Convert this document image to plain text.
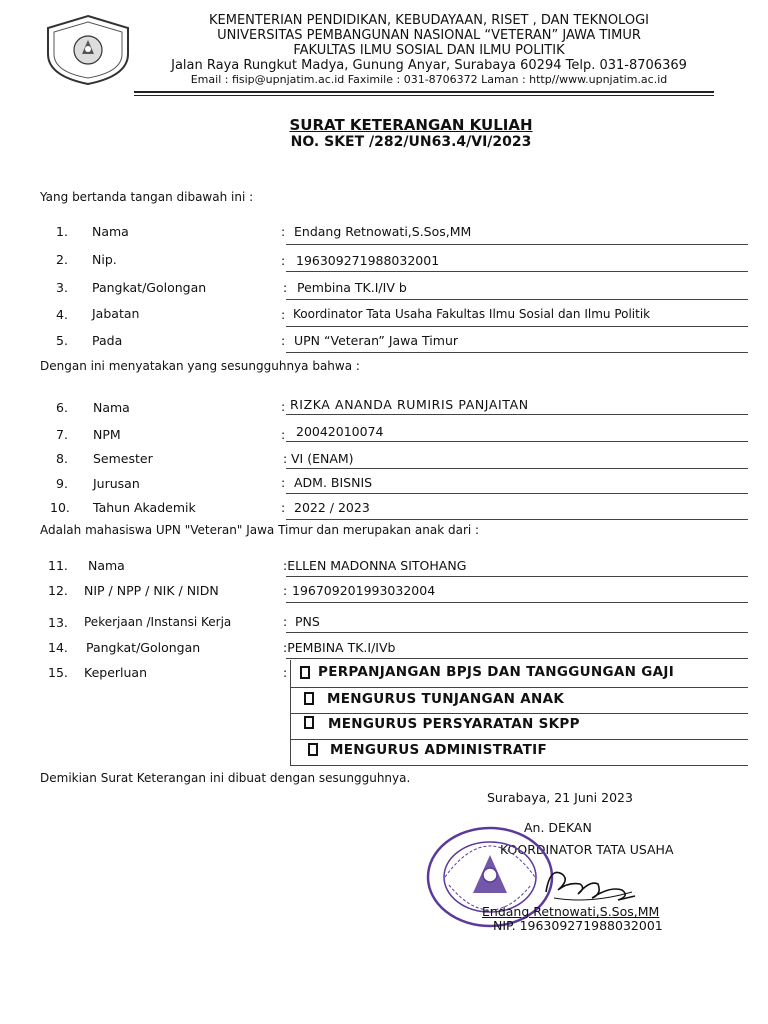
KEMENTERIAN PENDIDIKAN, KEBUDAYAAN, RISET , DAN TEKNOLOGI
UNIVERSITAS PEMBANGUNAN NASIONAL “VETERAN” JAWA TIMUR
FAKULTAS ILMU SOSIAL DAN ILMU POLITIK
Jalan Raya Rungkut Madya, Gunung Anyar, Surabaya 60294 Telp. 031-8706369
Email : fisip@upnjatim.ac.id Faximile : 031-8706372 Laman : http//www.upnjatim.ac.id
SURAT KETERANGAN KULIAH
NO. SKET /282/UN63.4/VI/2023
Yang bertanda tangan dibawah ini :
1. Nama	: Endang Retnowati,S.Sos,MM
2. Nip.	: 196309271988032001
3. Pangkat/Golongan	: Pembina TK.I/IV b
4. Jabatan	: Koordinator Tata Usaha Fakultas Ilmu Sosial dan Ilmu Politik
5. Pada	: UPN “Veteran” Jawa Timur
Dengan ini menyatakan yang sesungguhnya bahwa :
6. Nama	: RIZKA ANANDA RUMIRIS PANJAITAN
7. NPM	: 20042010074
8. Semester	: VI (ENAM)
9. Jurusan	: ADM. BISNIS
10. Tahun Akademik	: 2022 / 2023
Adalah mahasiswa UPN "Veteran" Jawa Timur dan merupakan anak dari :
11. Nama	:ELLEN MADONNA SITOHANG
12. NIP / NPP / NIK / NIDN	: 196709201993032004
13. Pekerjaan /Instansi Kerja	: PNS
14. Pangkat/Golongan	:PEMBINA TK.I/IVb
15. Keperluan	: PERPANJANGAN BPJS DAN TANGGUNGAN GAJI
MENGURUS TUNJANGAN ANAK
MENGURUS PERSYARATAN SKPP
MENGURUS ADMINISTRATIF
Demikian Surat Keterangan ini dibuat dengan sesungguhnya.
Surabaya, 21 Juni 2023
An. DEKAN
KOORDINATOR TATA USAHA
Endang Retnowati,S.Sos,MM
NIP. 196309271988032001
